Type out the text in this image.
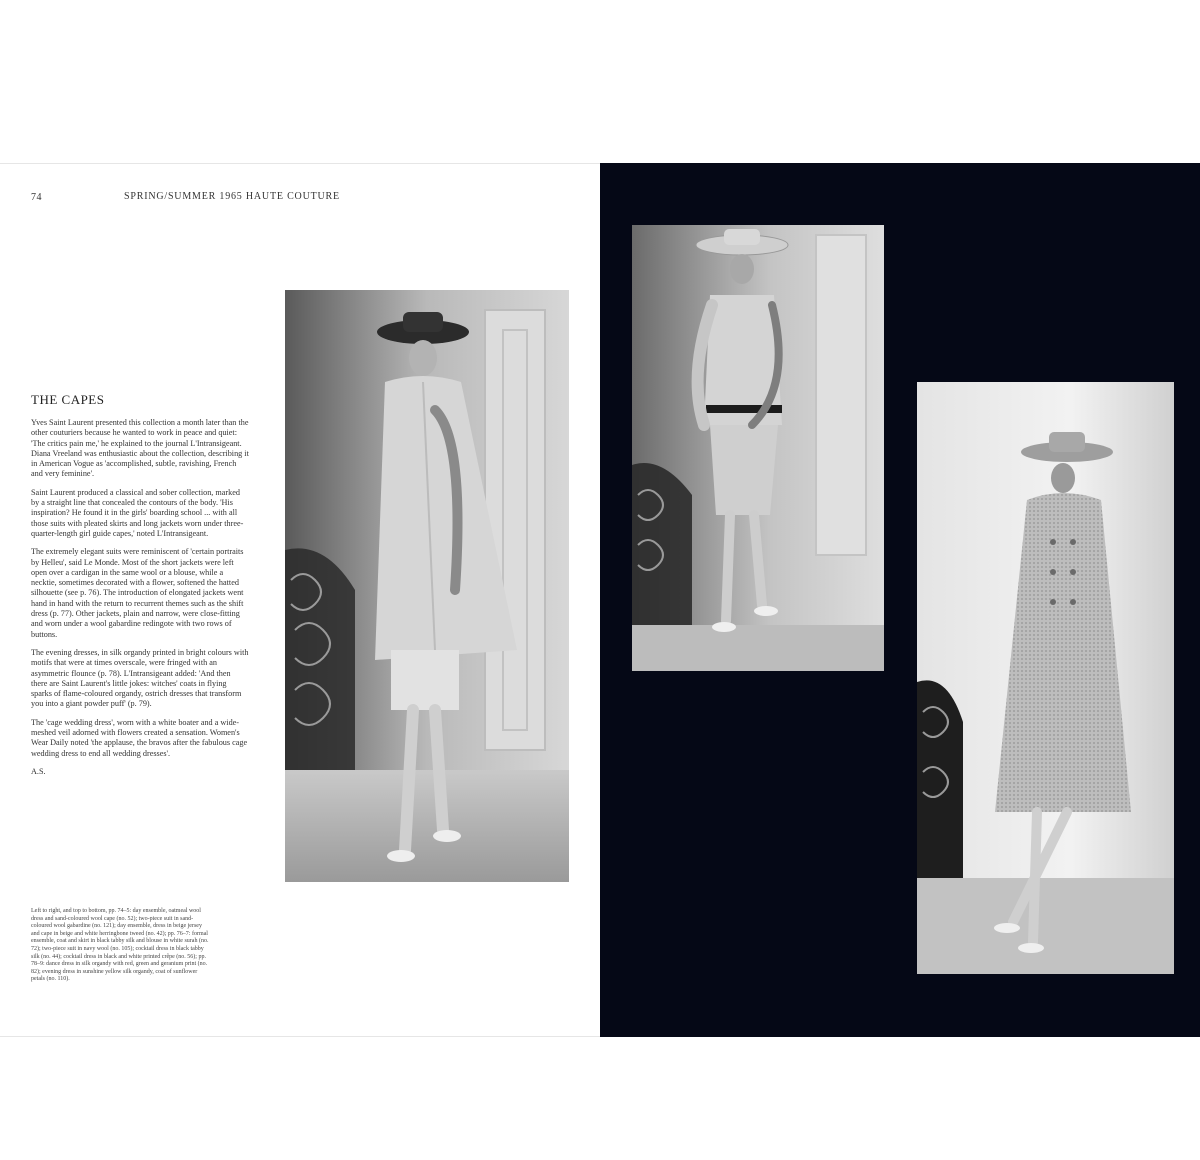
74	SPRING/SUMMER 1965 HAUTE COUTURE
THE CAPES

Yves Saint Laurent presented this collection a month later than the other couturiers because he wanted to work in peace and quiet: 'The critics pain me,' he explained to the journal L'Intransigeant. Diana Vreeland was enthusiastic about the collection, describing it in American Vogue as 'accomplished, subtle, ravishing, French and very feminine'.

Saint Laurent produced a classical and sober collection, marked by a straight line that concealed the contours of the body. 'His inspiration? He found it in the girls' boarding school ... with all those suits with pleated skirts and long jackets worn under three-quarter-length girl guide capes,' noted L'Intransigeant.

The extremely elegant suits were reminiscent of 'certain portraits by Helleu', said Le Monde. Most of the short jackets were left open over a cardigan in the same wool or a blouse, while a necktie, sometimes decorated with a flower, softened the hatted silhouette (see p. 76). The introduction of elongated jackets went hand in hand with the return to recurrent themes such as the shift dress (p. 77). Other jackets, plain and narrow, were close-fitting and worn under a wool gabardine redingote with two rows of buttons.

The evening dresses, in silk organdy printed in bright colours with motifs that were at times overscale, were fringed with an asymmetric flounce (p. 78). L'Intransigeant added: 'And then there are Saint Laurent's little jokes: witches' coats in flying sparks of flame-coloured organdy, ostrich dresses that transform you into a giant powder puff' (p. 79).

The 'cage wedding dress', worn with a white boater and a wide-meshed veil adorned with flowers created a sensation. Women's Wear Daily noted 'the applause, the bravos after the fabulous cage wedding dress to end all wedding dresses'.

A.S.
Left to right, and top to bottom, pp. 74–5: day ensemble, oatmeal wool dress and sand-coloured wool cape (no. 52); two-piece suit in sand-coloured wool gabardine (no. 121); day ensemble, dress in beige jersey and cape in beige and white herringbone tweed (no. 42); pp. 76–7: formal ensemble, coat and skirt in black tabby silk and blouse in white surah (no. 72); two-piece suit in navy wool (no. 105); cocktail dress in black tabby silk (no. 44); cocktail dress in black and white printed crêpe (no. 56); pp. 78–9: dance dress in silk organdy with red, green and geranium print (no. 82); evening dress in sunshine yellow silk organdy, coat of sunflower petals (no. 110).
